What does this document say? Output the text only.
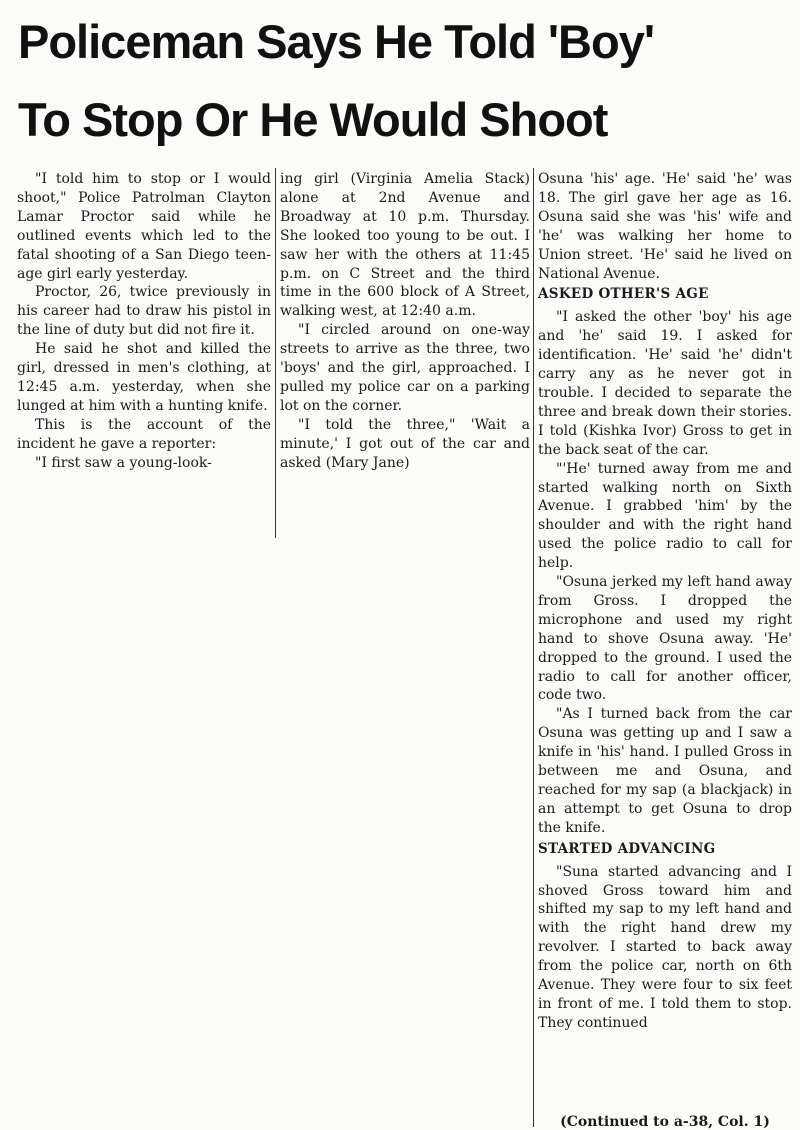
Policeman Says He Told 'Boy'
To Stop Or He Would Shoot

"I told him to stop or I would shoot," Police Patrolman Clayton Lamar Proctor said while he outlined events which led to the fatal shooting of a San Diego teen-age girl early yesterday.

Proctor, 26, twice previously in his career had to draw his pistol in the line of duty but did not fire it.

He said he shot and killed the girl, dressed in men's clothing, at 12:45 a.m. yesterday, when she lunged at him with a hunting knife.

This is the account of the incident he gave a reporter:

"I first saw a young-look-

ing girl (Virginia Amelia Stack) alone at 2nd Avenue and Broadway at 10 p.m. Thursday. She looked too young to be out. I saw her with the others at 11:45 p.m. on C Street and the third time in the 600 block of A Street, walking west, at 12:40 a.m.

"I circled around on one-way streets to arrive as the three, two 'boys' and the girl, approached. I pulled my police car on a parking lot on the corner.

"I told the three," 'Wait a minute,' I got out of the car and asked (Mary Jane)

Osuna 'his' age. 'He' said 'he' was 18. The girl gave her age as 16. Osuna said she was 'his' wife and 'he' was walking her home to Union street. 'He' said he lived on National Avenue.

ASKED OTHER'S AGE

"I asked the other 'boy' his age and 'he' said 19. I asked for identification. 'He' said 'he' didn't carry any as he never got in trouble. I decided to separate the three and break down their stories. I told (Kishka Ivor) Gross to get in the back seat of the car.

"'He' turned away from me and started walking north on Sixth Avenue. I grabbed 'him' by the shoulder and with the right hand used the police radio to call for help.

"Osuna jerked my left hand away from Gross. I dropped the microphone and used my right hand to shove Osuna away. 'He' dropped to the ground. I used the radio to call for another officer, code two.

"As I turned back from the car Osuna was getting up and I saw a knife in 'his' hand. I pulled Gross in between me and Osuna, and reached for my sap (a blackjack) in an attempt to get Osuna to drop the knife.

STARTED ADVANCING

"Suna started advancing and I shoved Gross toward him and shifted my sap to my left hand and with the right hand drew my revolver. I started to back away from the police car, north on 6th Avenue. They were four to six feet in front of me. I told them to stop. They continued

(Continued to a-38, Col. 1)
